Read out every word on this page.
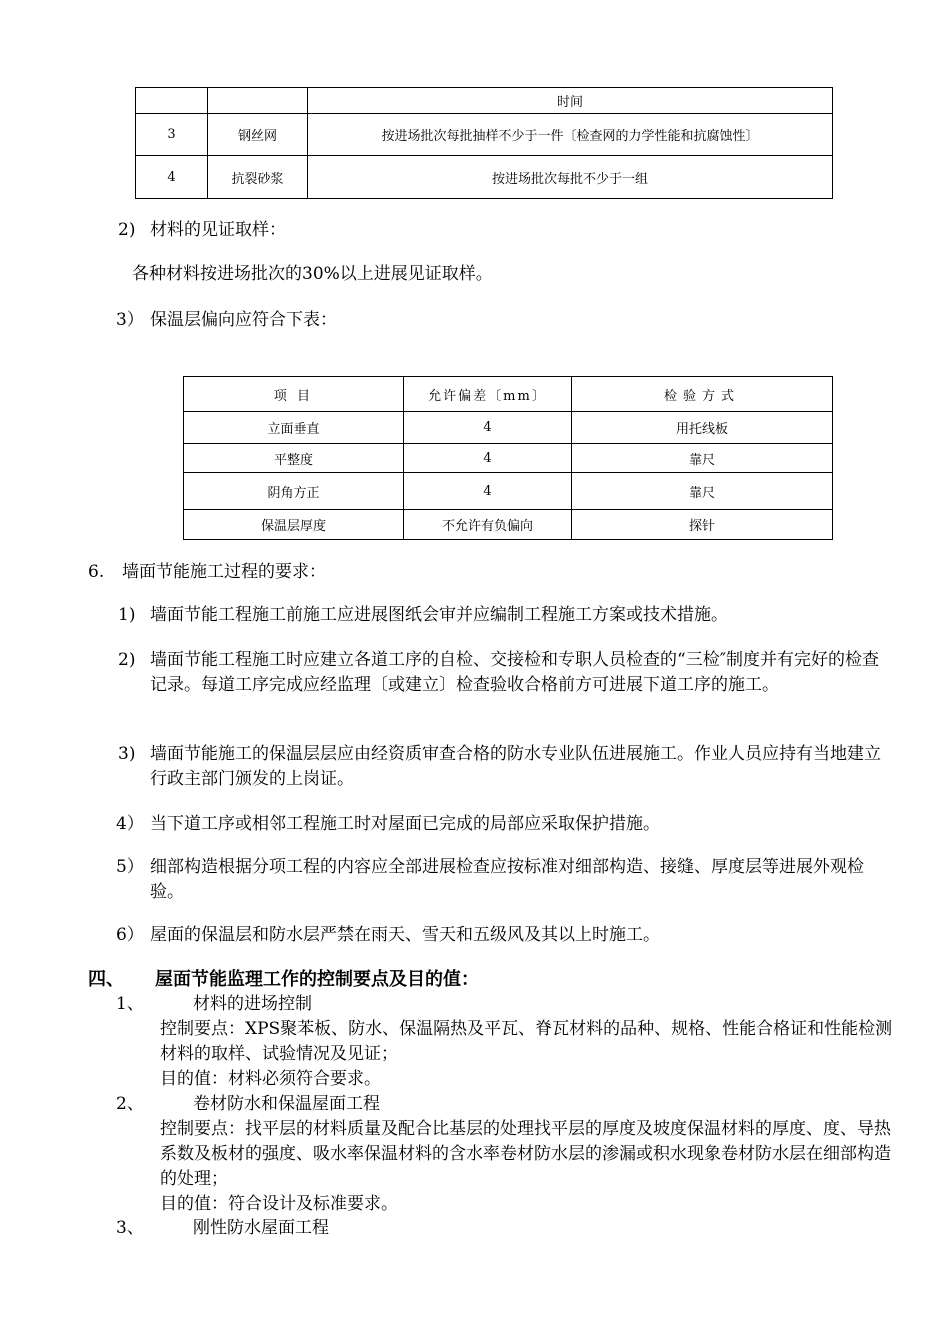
		时间
3	钢丝网	按进场批次每批抽样不少于一件〔检查网的力学性能和抗腐蚀性〕
4	抗裂砂浆	按进场批次每批不少于一组
2) 材料的见证取样：
各种材料按进场批次的30%以上进展见证取样。
3） 保温层偏向应符合下表：
项 目	允许偏差〔mm〕	检验方式
立面垂直	4	用托线板
平整度	4	靠尺
阴角方正	4	靠尺
保温层厚度	不允许有负偏向	探针
6. 墙面节能施工过程的要求：
1) 墙面节能工程施工前施工应进展图纸会审并应编制工程施工方案或技术措施。
2) 墙面节能工程施工时应建立各道工序的自检、交接检和专职人员检查的“三检″制度并有完好的检查记录。每道工序完成应经监理〔或建立〕检查验收合格前方可进展下道工序的施工。
3) 墙面节能施工的保温层层应由经资质审查合格的防水专业队伍进展施工。作业人员应持有当地建立行政主部门颁发的上岗证。
4） 当下道工序或相邻工程施工时对屋面已完成的局部应采取保护措施。
5） 细部构造根据分项工程的内容应全部进展检查应按标准对细部构造、接缝、厚度层等进展外观检验。
6） 屋面的保温层和防水层严禁在雨天、雪天和五级风及其以上时施工。
四、 屋面节能监理工作的控制要点及目的值：
1、	材料的进场控制
控制要点：XPS聚苯板、防水、保温隔热及平瓦、脊瓦材料的品种、规格、性能合格证和性能检测材料的取样、试验情况及见证；
目的值：材料必须符合要求。
2、	卷材防水和保温屋面工程
控制要点：找平层的材料质量及配合比基层的处理找平层的厚度及坡度保温材料的厚度、度、导热系数及板材的强度、吸水率保温材料的含水率卷材防水层的渗漏或积水现象卷材防水层在细部构造的处理；
目的值：符合设计及标准要求。
3、	刚性防水屋面工程
